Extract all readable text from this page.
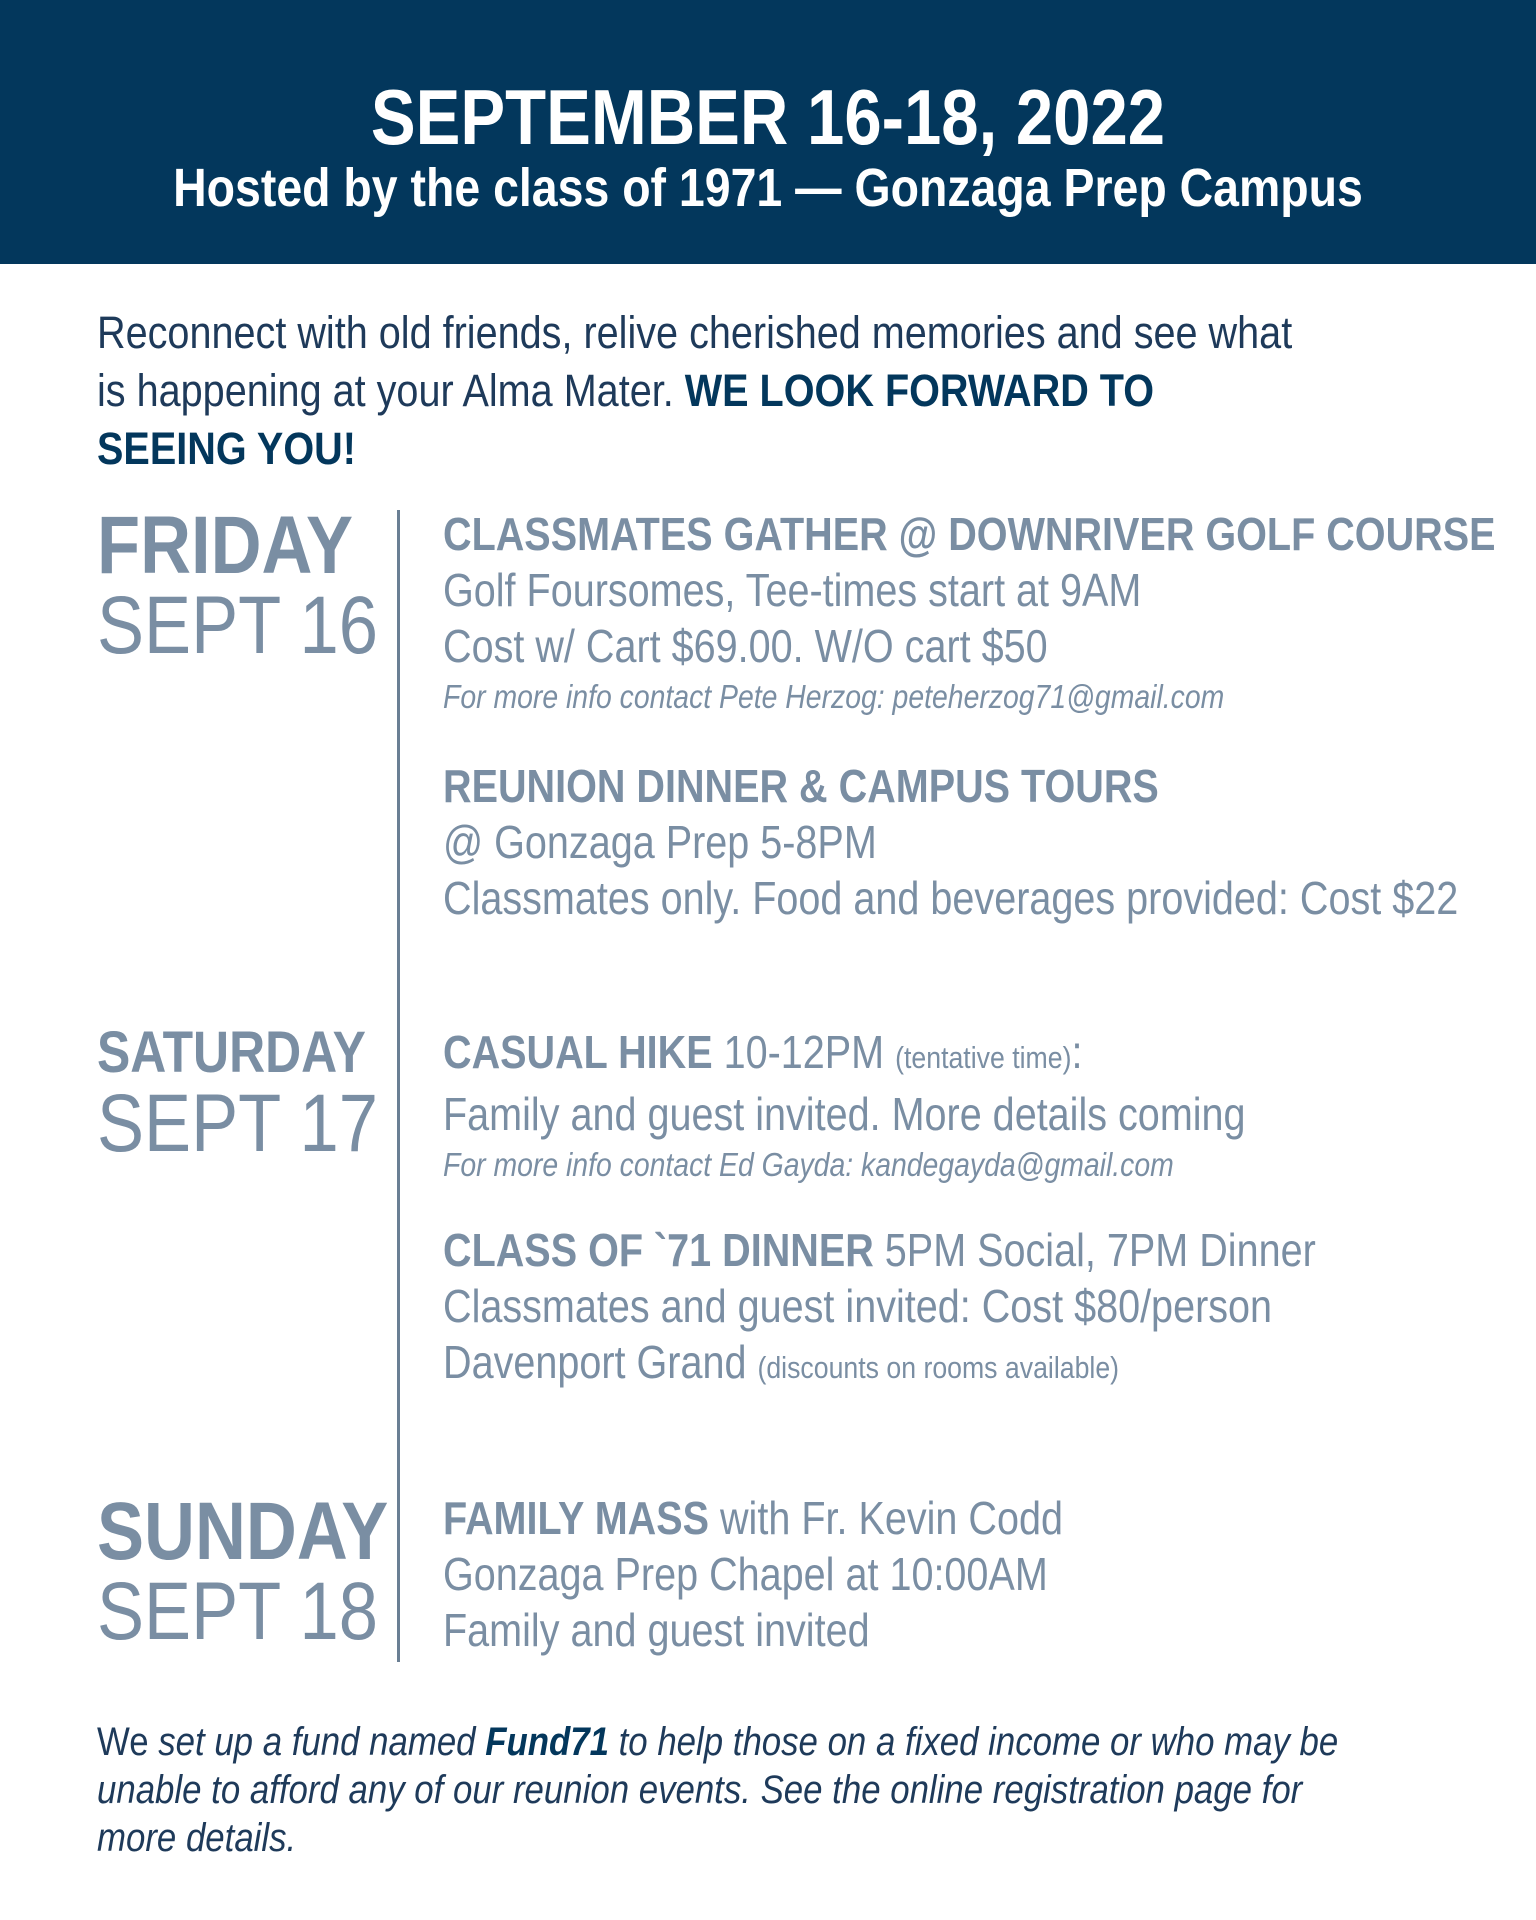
SEPTEMBER 16-18, 2022
Hosted by the class of 1971 — Gonzaga Prep Campus
Reconnect with old friends, relive cherished memories and see what is happening at your Alma Mater. WE LOOK FORWARD TO SEEING YOU!
FRIDAY
SEPT 16
CLASSMATES GATHER @ DOWNRIVER GOLF COURSE
Golf Foursomes, Tee-times start at 9AM
Cost w/ Cart $69.00. W/O cart $50
For more info contact Pete Herzog: peteherzog71@gmail.com
REUNION DINNER & CAMPUS TOURS
@ Gonzaga Prep 5-8PM
Classmates only. Food and beverages provided: Cost $22
SATURDAY
SEPT 17
CASUAL HIKE 10-12PM (tentative time):
Family and guest invited. More details coming
For more info contact Ed Gayda: kandegayda@gmail.com
CLASS OF `71 DINNER 5PM Social, 7PM Dinner
Classmates and guest invited: Cost $80/person
Davenport Grand (discounts on rooms available)
SUNDAY
SEPT 18
FAMILY MASS with Fr. Kevin Codd
Gonzaga Prep Chapel at 10:00AM
Family and guest invited
We set up a fund named Fund71 to help those on a fixed income or who may be unable to afford any of our reunion events. See the online registration page for more details.
